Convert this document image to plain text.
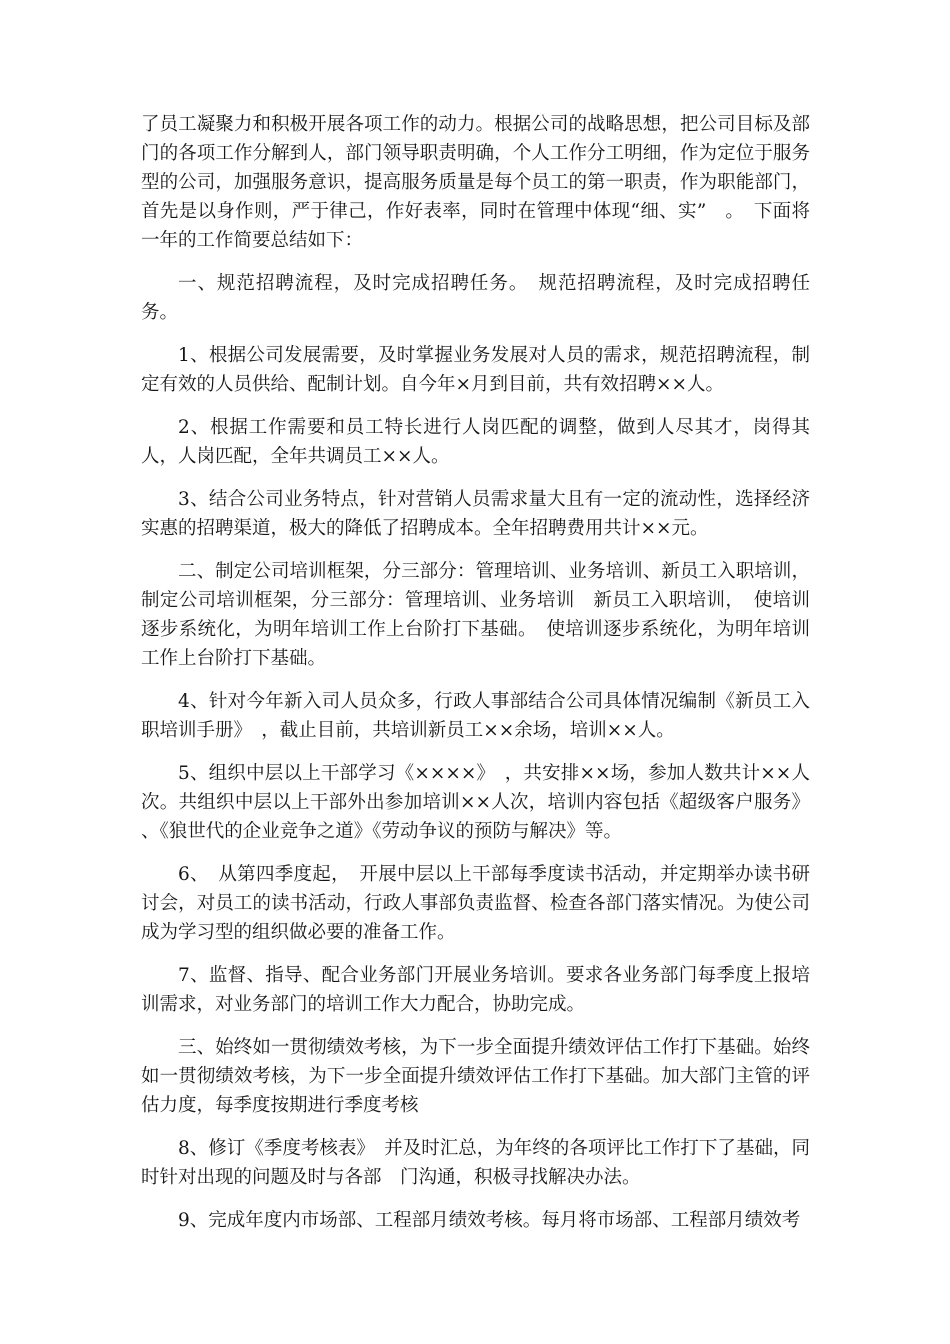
了员工凝聚力和积极开展各项工作的动力。根据公司的战略思想，把公司目标及部门的各项工作分解到人，部门领导职责明确，个人工作分工明细，作为定位于服务型的公司，加强服务意识，提高服务质量是每个员工的第一职责，作为职能部门，首先是以身作则，严于律己，作好表率，同时在管理中体现“细、实”　。　下面将一年的工作简要总结如下：

一、规范招聘流程，及时完成招聘任务。　规范招聘流程，及时完成招聘任务。

1、根据公司发展需要，及时掌握业务发展对人员的需求，规范招聘流程，制定有效的人员供给、配制计划。自今年×月到目前，共有效招聘××人。

2、根据工作需要和员工特长进行人岗匹配的调整，做到人尽其才，岗得其人，人岗匹配，全年共调员工××人。

3、结合公司业务特点，针对营销人员需求量大且有一定的流动性，选择经济实惠的招聘渠道，极大的降低了招聘成本。全年招聘费用共计××元。

二、制定公司培训框架，分三部分：管理培训、业务培训、新员工入职培训，制定公司培训框架，分三部分：管理培训、业务培训　新员工入职培训，　使培训逐步系统化，为明年培训工作上台阶打下基础。　使培训逐步系统化，为明年培训工作上台阶打下基础。

4、针对今年新入司人员众多，行政人事部结合公司具体情况编制《新员工入职培训手册》　，截止目前，共培训新员工××余场，培训××人。

5、组织中层以上干部学习《××××》　，共安排××场，参加人数共计××人次。共组织中层以上干部外出参加培训××人次，培训内容包括《超级客户服务》 、《狼世代的企业竞争之道》《劳动争议的预防与解决》等。

6、　从第四季度起，　开展中层以上干部每季度读书活动，并定期举办读书研讨会，对员工的读书活动，行政人事部负责监督、检查各部门落实情况。为使公司成为学习型的组织做必要的准备工作。

7、监督、指导、配合业务部门开展业务培训。要求各业务部门每季度上报培训需求，对业务部门的培训工作大力配合，协助完成。

三、始终如一贯彻绩效考核，为下一步全面提升绩效评估工作打下基础。始终如一贯彻绩效考核，为下一步全面提升绩效评估工作打下基础。加大部门主管的评估力度，每季度按期进行季度考核

8、修订《季度考核表》　并及时汇总，为年终的各项评比工作打下了基础，同时针对出现的问题及时与各部　门沟通，积极寻找解决办法。

9、完成年度内市场部、工程部月绩效考核。每月将市场部、工程部月绩效考
